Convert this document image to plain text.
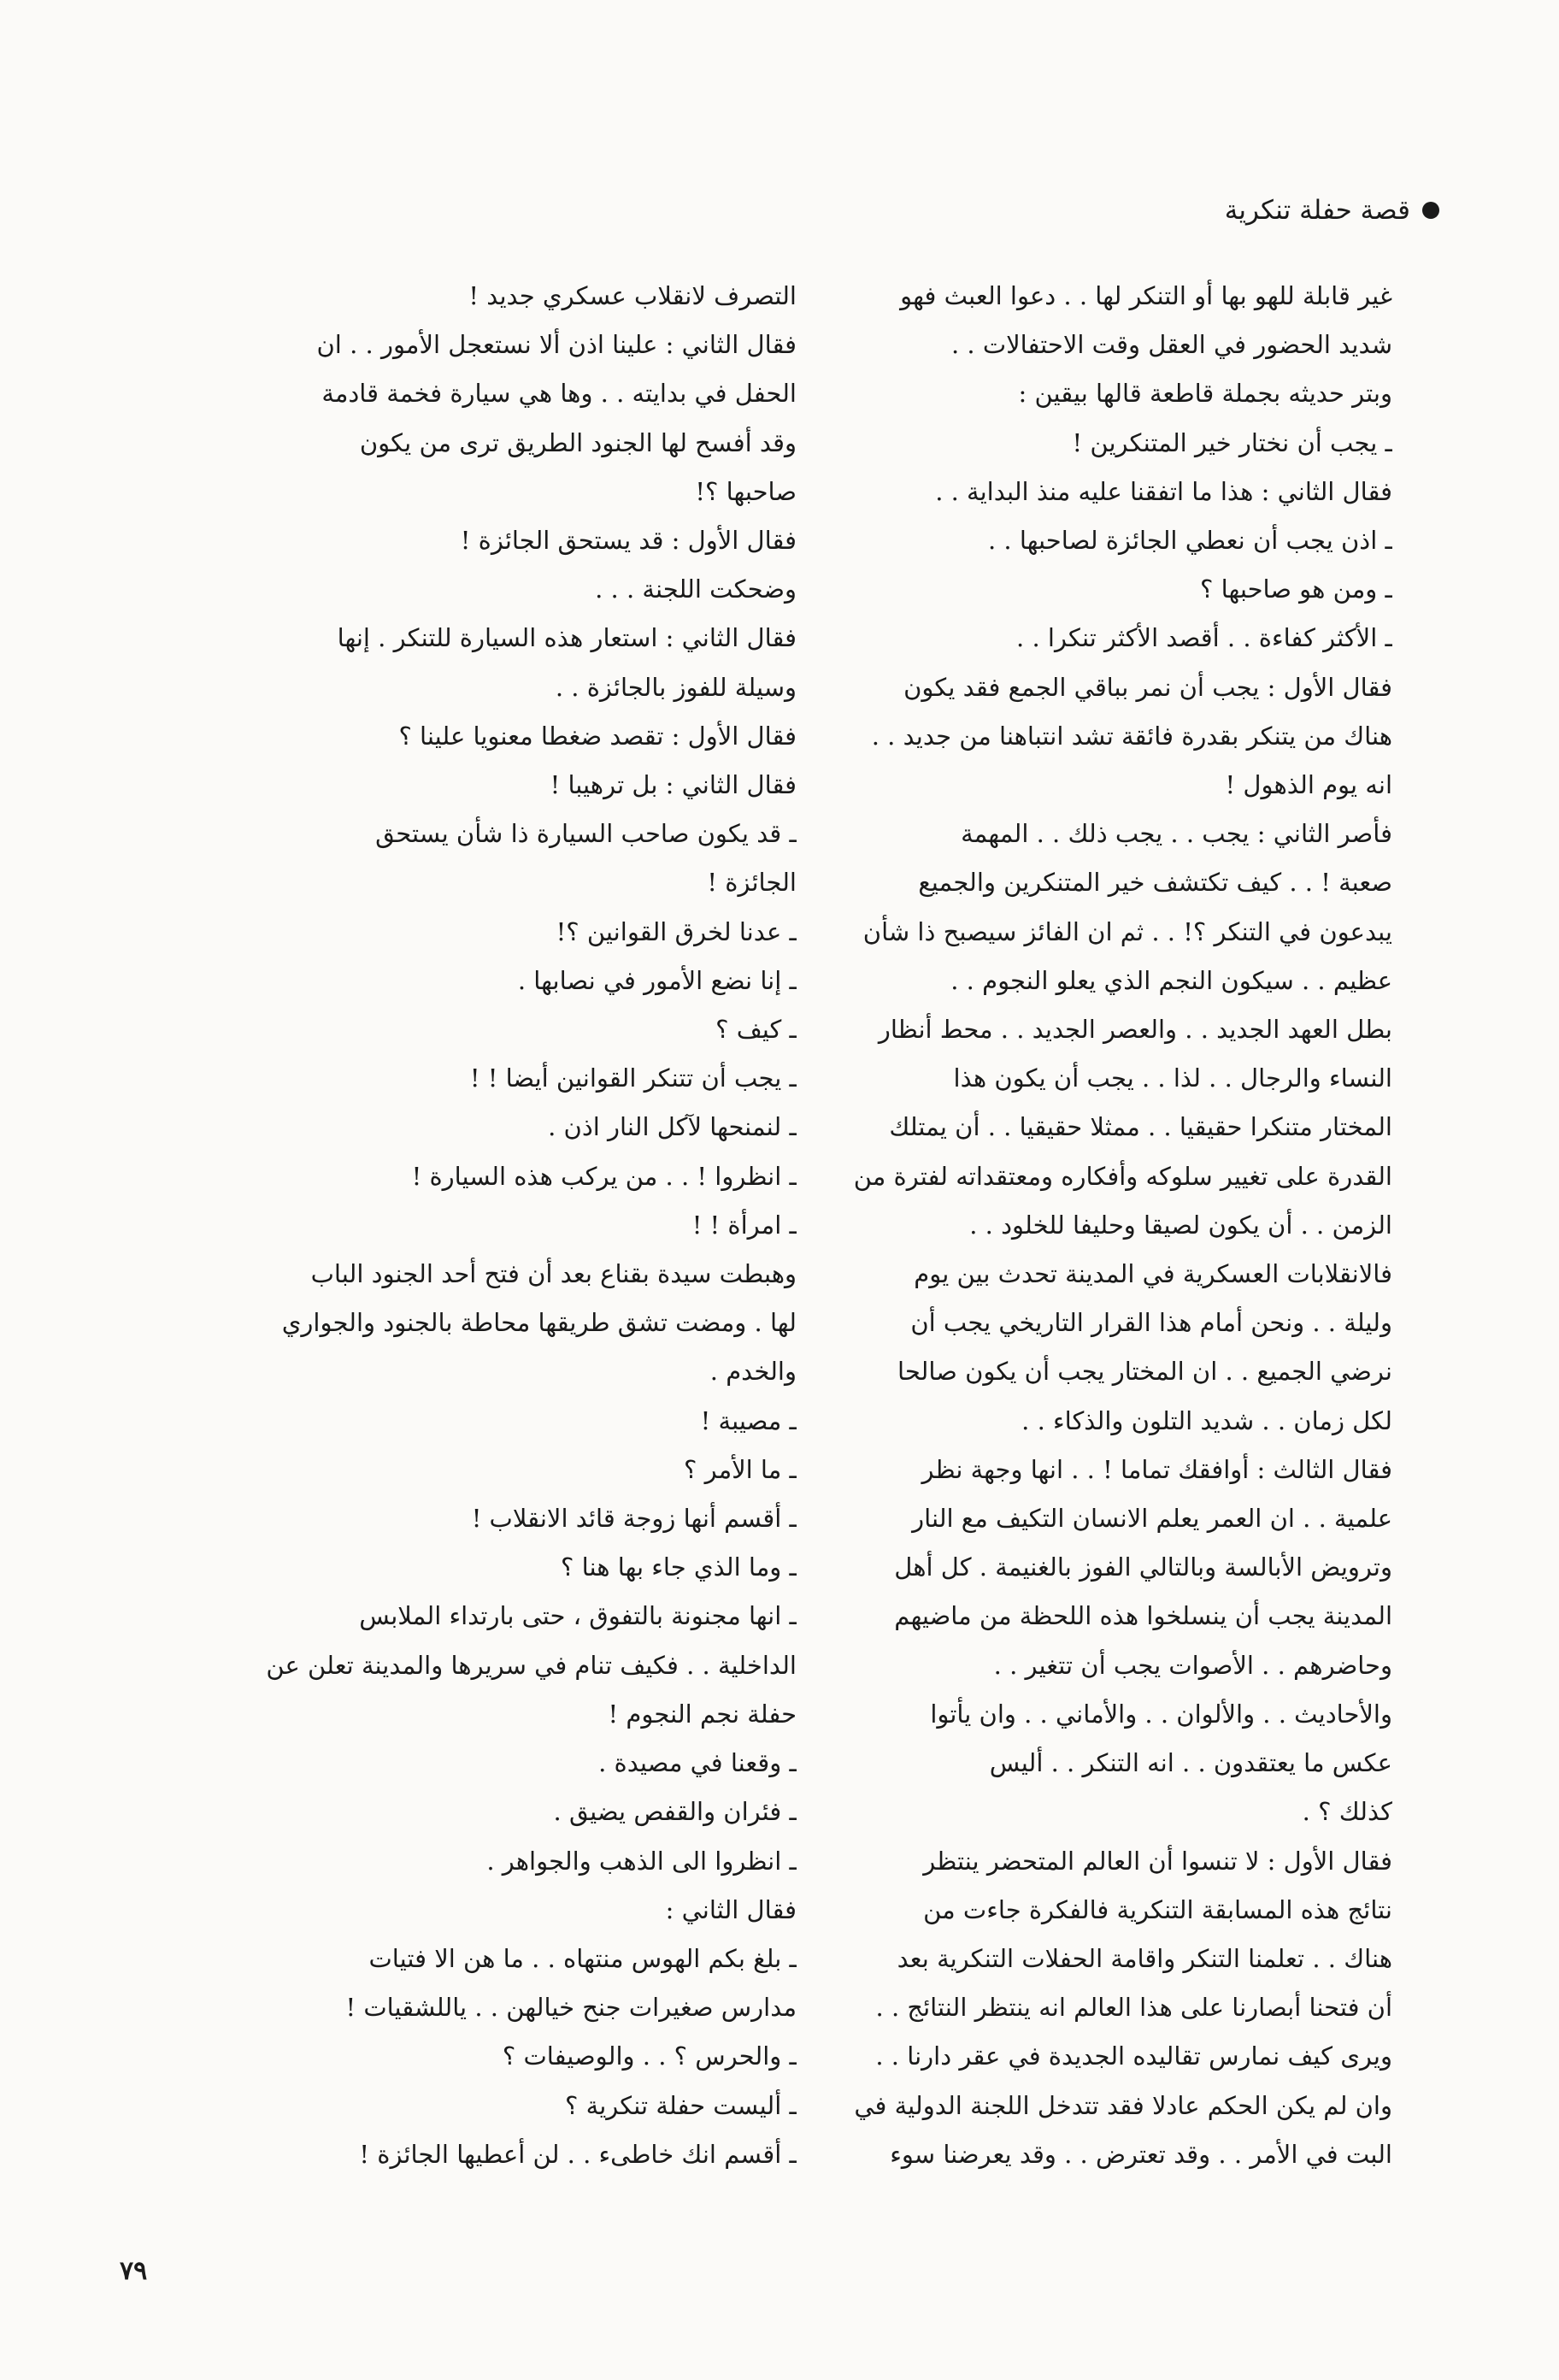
قصة حفلة تنكرية

غير قابلة للهو بها أو التنكر لها . . دعوا العبث فهو

شديد الحضور في العقل وقت الاحتفالات . .

وبتر حديثه بجملة قاطعة قالها بيقين :

ـ يجب أن نختار خير المتنكرين !

فقال الثاني : هذا ما اتفقنا عليه منذ البداية . .

ـ اذن يجب أن نعطي الجائزة لصاحبها . .

ـ ومن هو صاحبها ؟

ـ الأكثر كفاءة . . أقصد الأكثر تنكرا . .

فقال الأول : يجب أن نمر بباقي الجمع فقد يكون

هناك من يتنكر بقدرة فائقة تشد انتباهنا من جديد . .

انه يوم الذهول !

فأصر الثاني : يجب . . يجب ذلك . . المهمة

صعبة ! . . كيف تكتشف خير المتنكرين والجميع

يبدعون في التنكر ؟! . . ثم ان الفائز سيصبح ذا شأن

عظيم . . سيكون النجم الذي يعلو النجوم . .

بطل العهد الجديد . . والعصر الجديد . . محط أنظار

النساء والرجال . . لذا . . يجب أن يكون هذا

المختار متنكرا حقيقيا . . ممثلا حقيقيا . . أن يمتلك

القدرة على تغيير سلوكه وأفكاره ومعتقداته لفترة من

الزمن . . أن يكون لصيقا وحليفا للخلود . .

فالانقلابات العسكرية في المدينة تحدث بين يوم

وليلة . . ونحن أمام هذا القرار التاريخي يجب أن

نرضي الجميع . . ان المختار يجب أن يكون صالحا

لكل زمان . . شديد التلون والذكاء . .

فقال الثالث : أوافقك تماما ! . . انها وجهة نظر

علمية . . ان العمر يعلم الانسان التكيف مع النار

وترويض الأبالسة وبالتالي الفوز بالغنيمة . كل أهل

المدينة يجب أن ينسلخوا هذه اللحظة من ماضيهم

وحاضرهم . . الأصوات يجب أن تتغير . .

والأحاديث . . والألوان . . والأماني . . وان يأتوا

عكس ما يعتقدون . . انه التنكر . . أليس

كذلك ؟ .

فقال الأول : لا تنسوا أن العالم المتحضر ينتظر

نتائج هذه المسابقة التنكرية فالفكرة جاءت من

هناك . . تعلمنا التنكر واقامة الحفلات التنكرية بعد

أن فتحنا أبصارنا على هذا العالم انه ينتظر النتائج . .

ويرى كيف نمارس تقاليده الجديدة في عقر دارنا . .

وان لم يكن الحكم عادلا فقد تتدخل اللجنة الدولية في

البت في الأمر . . وقد تعترض . . وقد يعرضنا سوء

التصرف لانقلاب عسكري جديد !

فقال الثاني : علينا اذن ألا نستعجل الأمور . . ان

الحفل في بدايته . . وها هي سيارة فخمة قادمة

وقد أفسح لها الجنود الطريق ترى من يكون

صاحبها ؟!

فقال الأول : قد يستحق الجائزة !

وضحكت اللجنة . . .

فقال الثاني : استعار هذه السيارة للتنكر . إنها

وسيلة للفوز بالجائزة . .

فقال الأول : تقصد ضغطا معنويا علينا ؟

فقال الثاني : بل ترهيبا !

ـ قد يكون صاحب السيارة ذا شأن يستحق

الجائزة !

ـ عدنا لخرق القوانين ؟!

ـ إنا نضع الأمور في نصابها .

ـ كيف ؟

ـ يجب أن تتنكر القوانين أيضا ! !

ـ لنمنحها لآكل النار اذن .

ـ انظروا ! . . من يركب هذه السيارة !

ـ امرأة ! !

وهبطت سيدة بقناع بعد أن فتح أحد الجنود الباب

لها . ومضت تشق طريقها محاطة بالجنود والجواري

والخدم .

ـ مصيبة !

ـ ما الأمر ؟

ـ أقسم أنها زوجة قائد الانقلاب !

ـ وما الذي جاء بها هنا ؟

ـ انها مجنونة بالتفوق ، حتى بارتداء الملابس

الداخلية . . فكيف تنام في سريرها والمدينة تعلن عن

حفلة نجم النجوم !

ـ وقعنا في مصيدة .

ـ فئران والقفص يضيق .

ـ انظروا الى الذهب والجواهر .

فقال الثاني :

ـ بلغ بكم الهوس منتهاه . . ما هن الا فتيات

مدارس صغيرات جنح خيالهن . . ياللشقيات !

ـ والحرس ؟ . . والوصيفات ؟

ـ أليست حفلة تنكرية ؟

ـ أقسم انك خاطىء . . لن أعطيها الجائزة !

٧٩
